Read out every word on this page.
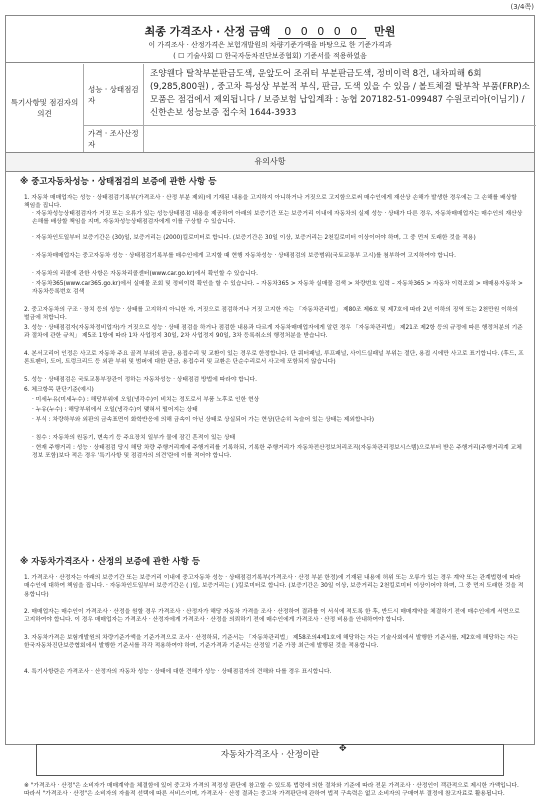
(3/4쪽)
최종 가격조사 · 산정 금액 0 0 0 0 0 만원
이 가격조사 · 산정가격은 보험개발원의 차량기준가액을 바탕으로 한 기준가격과
( ☐ 기술사회 ☐ 한국자동차진단보증협회) 기준서를 적용하였음
특기사항및 점검자의 의견
성능 · 상태점검자
조양웬다 탈착부분판금도색, 운앞도어 조쥐터 부분판금도색, 정비이력 8건, 내차피해 6회 (9,285,800원) , 중고차 특성상 부분적 부식, 판금, 도색 있을 수 있음 / 볼트체결 탈부착 부품(FRP)소모품은 점검에서 제외됩니다 / 보증보험 납입계좌 : 농협 207182-51-099487 수원코리아(이님기) / 신한손보 성능보증 접수처 1644-3933
가격 · 조사산정자
유의사항
※ 중고자동차성능 · 상태점검의 보증에 관한 사항 등
1. 자동차 매매업자는 성능 · 상태점검기록부(가격조사 · 산정 부분 제외)에 기재된 내용을 고지하지 아니하거나 거짓으로 고지함으로써 매수인에게 재산상 손해가 발생한 경우에는 그 손해를 배상할 책임을 집니다.
· 자동차성능상태점검자가 거짓 또는 오류가 있는 성능상태점검 내용을 제공하여 아래의 보증기간 또는 보증거리 이내에 자동차의 실제 성능 · 상태가 다른 경우, 자동차매매업자는 매수인의 재산상 손해를 배상할 책임을 지며, 자동차성능상태점검자에게 이를 구상할 수 있습니다.
· 자동차인도일부터 보증기간은 (30)일, 보증거리는 (2000)킬로미터로 합니다. (보증기간은 30일 이상, 보증거리는 2천킬로미터 이상이어야 하며, 그 중 먼저 도래한 것을 적용)
· 자동차매매업자는 중고자동차 성능 · 상태점검기록부를 매수인에게 고지할 때 현행 자동차성능 · 상태점검의 보증범위(국토교통부 고시)를 첨부하여 고지하여야 합니다.
· 자동차의 리콜에 관한 사항은 자동차리콜센터(www.car.go.kr)에서 확인할 수 있습니다.
· 자동차365(www.car365.go.kr)에서 실매물 조회 및 정비이력 확인을 할 수 있습니다. – 자동차365 > 자동차 실매물 검색 > 차량번호 입력 – 자동차365 > 자동차 이력조회 > 매매용자동차 > 자동차등록번호 검색
2. 중고자동차의 구조 · 장치 등의 성능 · 상태를 고지하지 아니한 자, 거짓으로 점검하거나 거짓 고지한 자는 「자동차관리법」 제80조 제6호 및 제7호에 따라 2년 이하의 징역 또는 2천만원 이하의 벌금에 처합니다.
3. 성능 · 상태점검자(자동차정비업자)가 거짓으로 성능 · 상태 점검을 하거나 점검한 내용과 다르게 자동차매매업자에게 알린 경우 「자동차관리법」 제21조 제2항 등의 규정에 따른 행정처분의 기준과 절차에 관한 규칙」 제5조 1항에 따라 1차 사업정지 30일, 2차 사업정지 90일, 3차 등록취소의 행정처분을 받습니다.
4. 본서고리어 인정은 사고로 자동차 주요 골격 부위의 판금, 용접수리 및 교환이 있는 경우로 한정합니다. 단 쿼터패널, 루프패널, 사이드실패널 부위는 절단, 용접 시에만 사고로 표기합니다. (후드, 프론트펜더, 도어, 트렁크리드 등 외판 부위 및 범퍼에 대한 판금, 용접수리 및 교환은 단순수리로서 사고에 포함되지 않습니다)
5. 성능 · 상태점검은 국토교통부장관이 정하는 자동차성능 · 상태점검 방법에 따라야 합니다.
6. 체크항목 판단기준(예시)
· 미세누유(미세누수) : 해당부위에 오일(냉각수)이 비치는 정도로서 부품 노후로 인한 현상
· 누유(누수) : 해당부위에서 오일(냉각수)이 맺혀서 떨어지는 상태
· 부식 : 차량하부와 외판의 금속표면이 화학반응에 의해 금속이 아닌 상태로 상실되어 가는 현상(단순히 녹슬어 있는 상태는 제외합니다)
· 침수 : 자동차의 원동기, 변속기 등 주요장치 일부가 물에 잠긴 흔적이 있는 상태
· 현재 주행거리 : 성능 · 상태점검 당시 해당 차량 주행거리계에 주행거리를 기록하되, 기록한 주행거리가 자동차전산정보처리조직(자동차관리정보시스템)으로부터 받은 주행거리(주행거리계 교체 정보 포함)보다 적은 경우 '특기사항 및 점검자의 의견'란에 이를 적어야 합니다.
※ 자동차가격조사 · 산정의 보증에 관한 사항 등
1. 가격조사 · 산정자는 아래의 보증기간 또는 보증거리 이내에 중고자동차 성능 · 상태점검기록부(가격조사 · 산정 부분 한정)에 기재된 내용에 허위 또는 오류가 있는 경우 계약 또는 관계법령에 따라 매수인에 대하여 책임을 집니다. · 자동차인도일부터 보증기간은 ( )일, 보증거리는 ( )킬로미터로 합니다. (보증기간은 30일 이상, 보증거리는 2천킬로미터 이상이어야 하며, 그 중 먼저 도래한 것을 적용합니다)
2. 매매업자는 매수인이 가격조사 · 산정을 원할 경우 가격조사 · 산정자가 해당 자동차 가격을 조사 · 산정하여 결과를 이 서식에 적도록 한 후, 반드시 매매계약을 체결하기 전에 매수인에게 서면으로 고지하여야 합니다. 이 경우 매매업자는 가격조사 · 산정자에게 가격조사 · 산정을 의뢰하기 전에 매수인에게 가격조사 · 산정 비용을 안내하여야 합니다.
3. 자동차가격은 보험개발원의 차량기준가액을 기준가격으로 조사 · 산정하되, 기준서는 「자동차관리법」 제58조의4제1호에 해당하는 자는 기술사회에서 발행한 기준서를, 제2호에 해당하는 자는 한국자동차진단보증협회에서 발행한 기준서를 각각 적용하여야 하며, 기준가격과 기준서는 산정일 기준 가장 최근에 발행된 것을 적용합니다.
4. 특기사항란은 가격조사 · 산정자의 자동차 성능 · 상태에 대한 견해가 성능 · 상태점검자의 견해와 다를 경우 표시합니다.
자동차가격조사 · 산정이란
※ "가격조사 · 산정"은 소비자가 매매계약을 체결함에 있어 중고차 가격의 적정성 판단에 참고할 수 있도록 법령에 의한 절차와 기준에 따라 전문 가격조사 · 산정인이 객관적으로 제시한 가액입니다. 따라서 "가격조사 · 산정"은 소비자의 자율적 선택에 따른 서비스이며, 가격조사 · 산정 결과는 중고차 가격판단에 관하여 법적 구속력은 없고 소비자의 구매여부 결정에 참고자료로 활용됩니다.
✥
